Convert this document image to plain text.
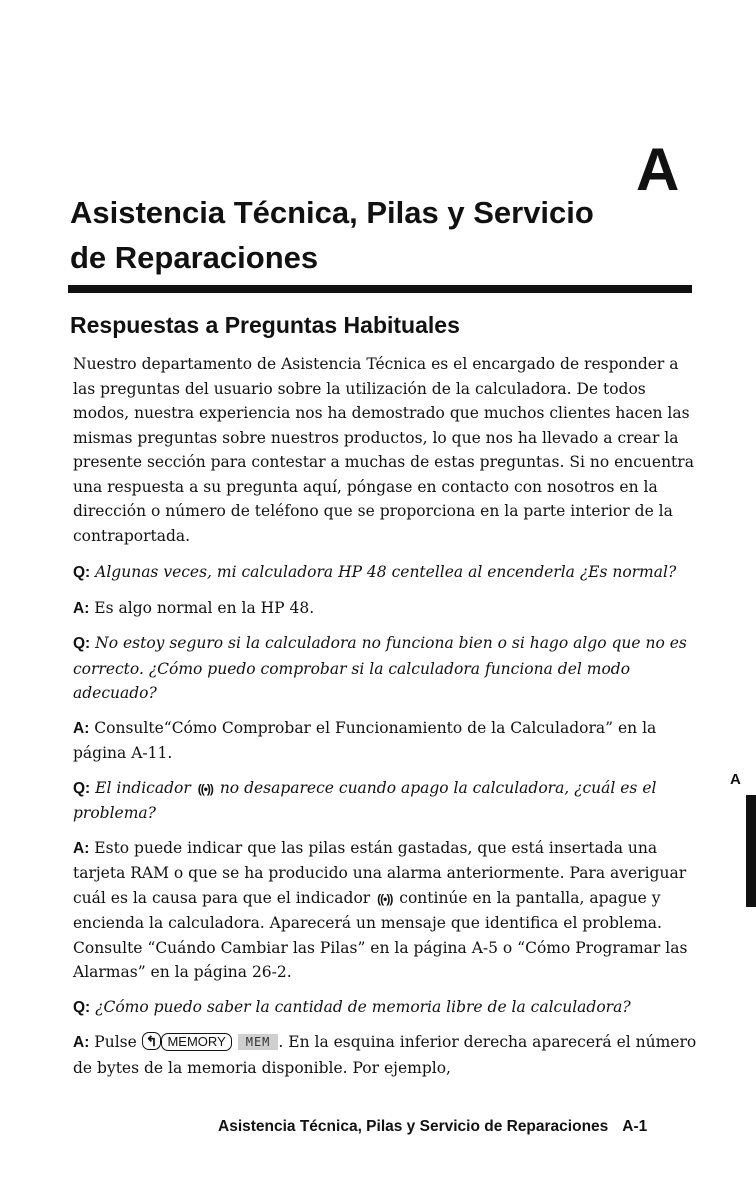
A
Asistencia Técnica, Pilas y Servicio
de Reparaciones
Respuestas a Preguntas Habituales

Nuestro departamento de Asistencia Técnica es el encargado de responder a las preguntas del usuario sobre la utilización de la calculadora. De todos modos, nuestra experiencia nos ha demostrado que muchos clientes hacen las mismas preguntas sobre nuestros productos, lo que nos ha llevado a crear la presente sección para contestar a muchas de estas preguntas. Si no encuentra una respuesta a su pregunta aquí, póngase en contacto con nosotros en la dirección o número de teléfono que se proporciona en la parte interior de la contraportada.

Q: Algunas veces, mi calculadora HP 48 centellea al encenderla ¿Es normal?

A: Es algo normal en la HP 48.

Q: No estoy seguro si la calculadora no funciona bien o si hago algo que no es correcto. ¿Cómo puedo comprobar si la calculadora funciona del modo adecuado?

A: Consulte“Cómo Comprobar el Funcionamiento de la Calculadora” en la página A-11.

Q: El indicador ((•)) no desaparece cuando apago la calculadora, ¿cuál es el problema?

A: Esto puede indicar que las pilas están gastadas, que está insertada una tarjeta RAM o que se ha producido una alarma anteriormente. Para averiguar cuál es la causa para que el indicador ((•)) continúe en la pantalla, apague y encienda la calculadora. Aparecerá un mensaje que identifica el problema. Consulte “Cuándo Cambiar las Pilas” en la página A-5 o “Cómo Programar las Alarmas” en la página 26-2.

Q: ¿Cómo puedo saber la cantidad de memoria libre de la calculadora?

A: Pulse ↰ MEMORY MEM . En la esquina inferior derecha aparecerá el número de bytes de la memoria disponible. Por ejemplo,

A
Asistencia Técnica, Pilas y Servicio de Reparaciones A-1
